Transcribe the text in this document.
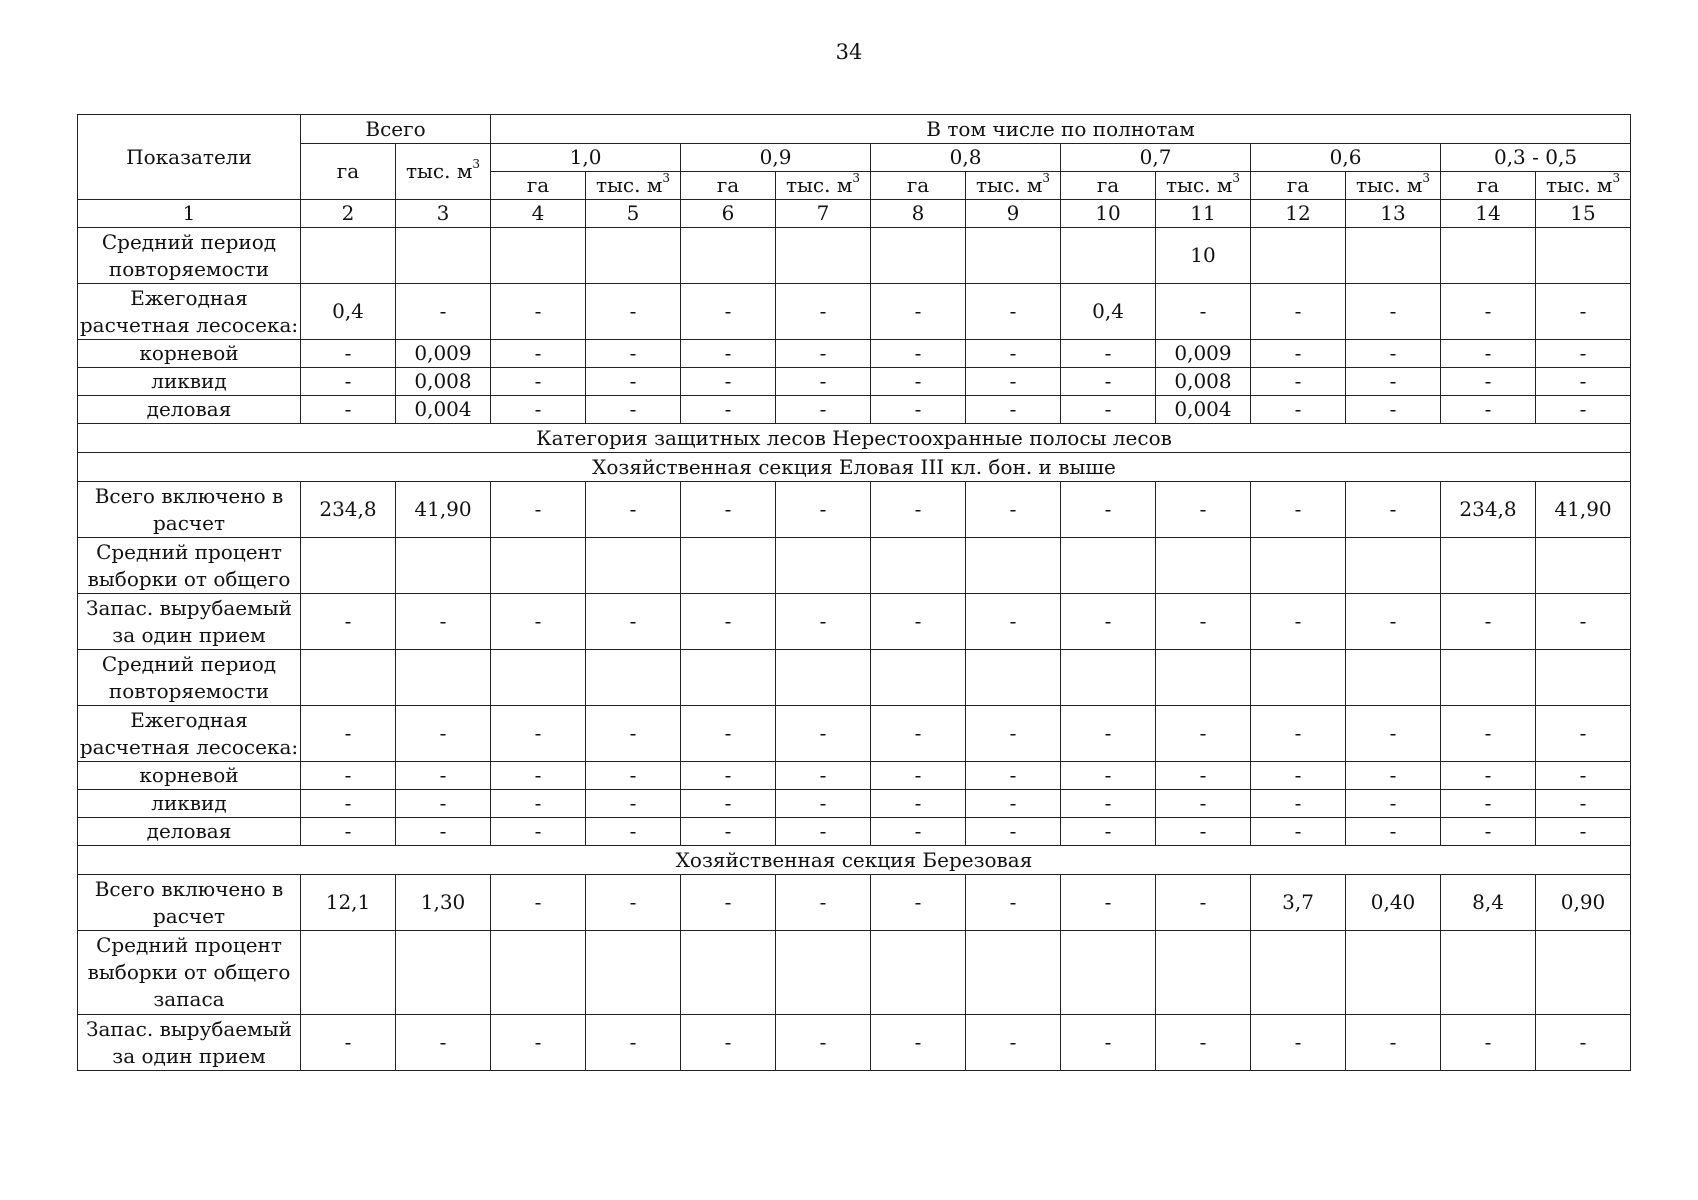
34
Показатели	Всего		В том числе по полнотам											
	га	тыс. $м^3$	1,0		0,9		0,8		0,7		0,6		0,3 - 0,5	
			га	тыс. $м^3$	га	тыс. $м^3$	га	тыс. $м^3$	га	тыс. $м^3$	га	тыс. $м^3$	га	тыс. $м^3$
1	2	3	4	5	6	7	8	9	10	11	12	13	14	15
Средний период повторяемости										10				
Ежегодная расчетная лесосека:	0,4	-	-	-	-	-	-	-	0,4	-	-	-	-	-
корневой	-	0,009	-	-	-	-	-	-	-	0,009	-	-	-	-
ликвид	-	0,008	-	-	-	-	-	-	-	0,008	-	-	-	-
деловая	-	0,004	-	-	-	-	-	-	-	0,004	-	-	-	-
Категория защитных лесов Нерестоохранные полосы лесов														
Хозяйственная секция Еловая III кл. бон. и выше														
Всего включено в расчет	234,8	41,90	-	-	-	-	-	-	-	-	-	-	234,8	41,90
Средний процент выборки от общего														
Запас. вырубаемый за один прием	-	-	-	-	-	-	-	-	-	-	-	-	-	-
Средний период повторяемости														
Ежегодная расчетная лесосека:	-	-	-	-	-	-	-	-	-	-	-	-	-	-
корневой	-	-	-	-	-	-	-	-	-	-	-	-	-	-
ликвид	-	-	-	-	-	-	-	-	-	-	-	-	-	-
деловая	-	-	-	-	-	-	-	-	-	-	-	-	-	-
Хозяйственная секция Березовая														
Всего включено в расчет	12,1	1,30	-	-	-	-	-	-	-	-	3,7	0,40	8,4	0,90
Средний процент выборки от общего запаса														
Запас. вырубаемый за один прием	-	-	-	-	-	-	-	-	-	-	-	-	-	-
